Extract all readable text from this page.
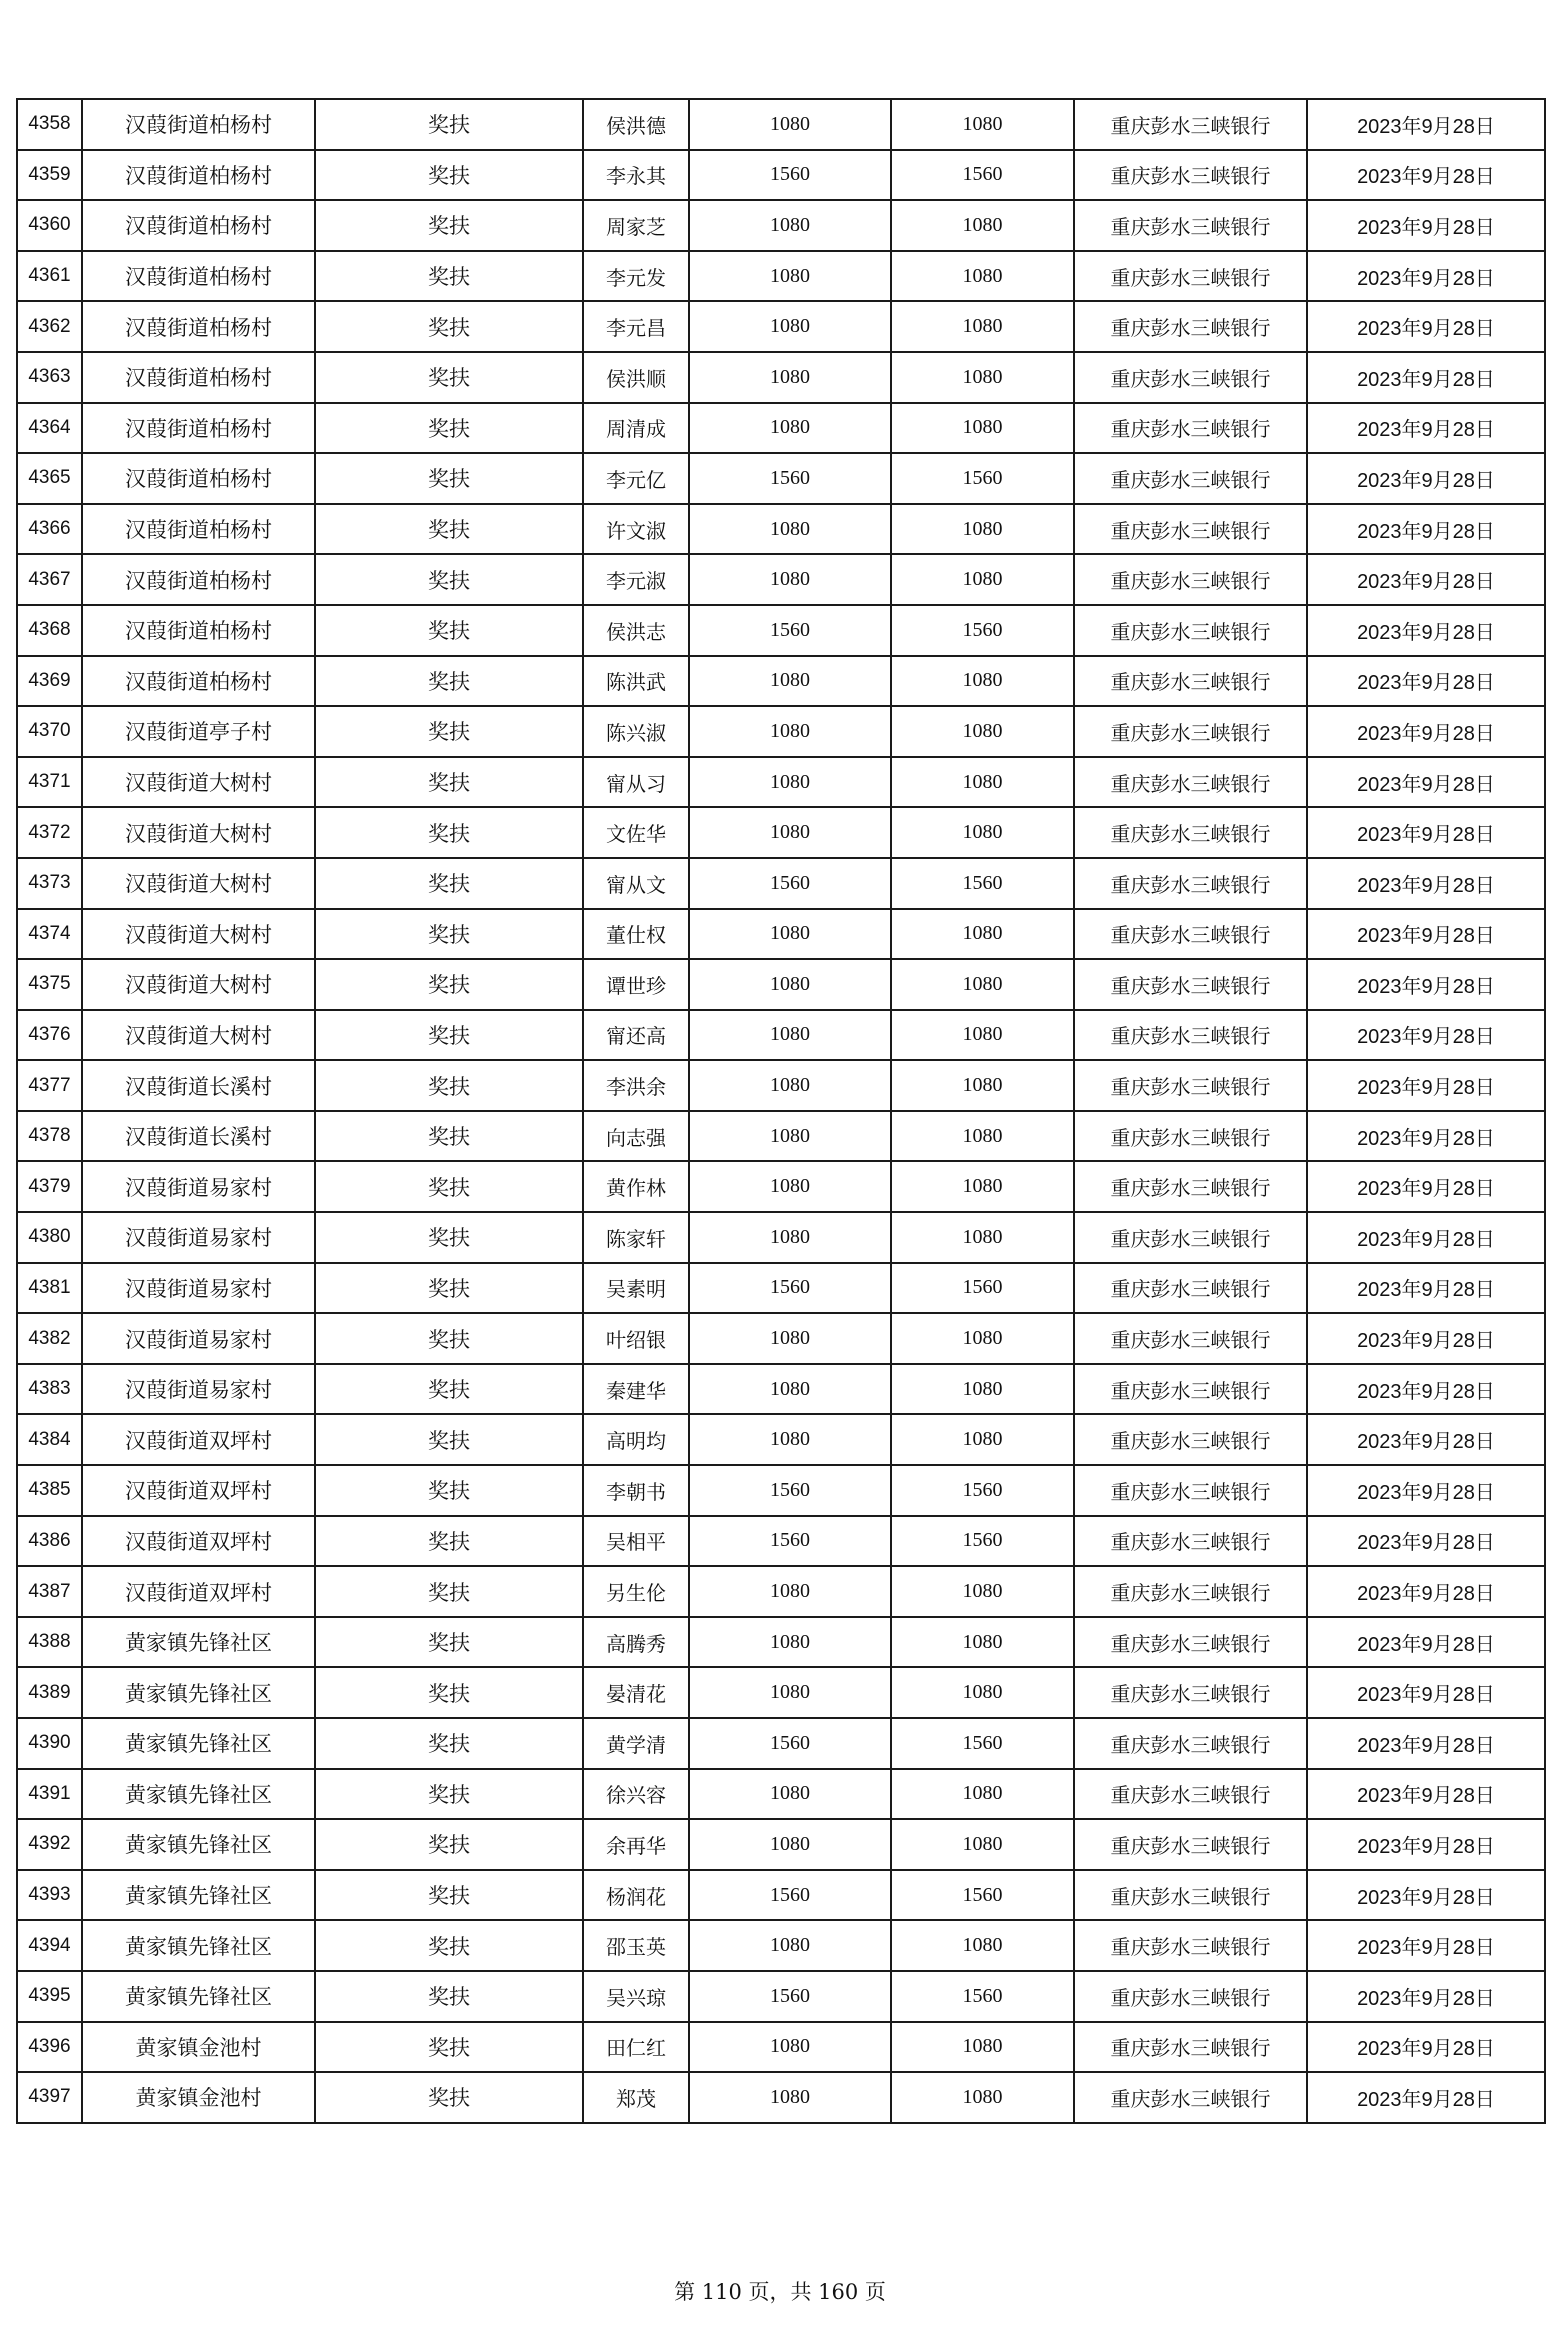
4358	汉葭街道柏杨村	奖扶	侯洪德	1080	1080	重庆彭水三峡银行	2023年9月28日
4359	汉葭街道柏杨村	奖扶	李永其	1560	1560	重庆彭水三峡银行	2023年9月28日
4360	汉葭街道柏杨村	奖扶	周家芝	1080	1080	重庆彭水三峡银行	2023年9月28日
4361	汉葭街道柏杨村	奖扶	李元发	1080	1080	重庆彭水三峡银行	2023年9月28日
4362	汉葭街道柏杨村	奖扶	李元昌	1080	1080	重庆彭水三峡银行	2023年9月28日
4363	汉葭街道柏杨村	奖扶	侯洪顺	1080	1080	重庆彭水三峡银行	2023年9月28日
4364	汉葭街道柏杨村	奖扶	周清成	1080	1080	重庆彭水三峡银行	2023年9月28日
4365	汉葭街道柏杨村	奖扶	李元亿	1560	1560	重庆彭水三峡银行	2023年9月28日
4366	汉葭街道柏杨村	奖扶	许文淑	1080	1080	重庆彭水三峡银行	2023年9月28日
4367	汉葭街道柏杨村	奖扶	李元淑	1080	1080	重庆彭水三峡银行	2023年9月28日
4368	汉葭街道柏杨村	奖扶	侯洪志	1560	1560	重庆彭水三峡银行	2023年9月28日
4369	汉葭街道柏杨村	奖扶	陈洪武	1080	1080	重庆彭水三峡银行	2023年9月28日
4370	汉葭街道亭子村	奖扶	陈兴淑	1080	1080	重庆彭水三峡银行	2023年9月28日
4371	汉葭街道大树村	奖扶	甯从习	1080	1080	重庆彭水三峡银行	2023年9月28日
4372	汉葭街道大树村	奖扶	文佐华	1080	1080	重庆彭水三峡银行	2023年9月28日
4373	汉葭街道大树村	奖扶	甯从文	1560	1560	重庆彭水三峡银行	2023年9月28日
4374	汉葭街道大树村	奖扶	董仕权	1080	1080	重庆彭水三峡银行	2023年9月28日
4375	汉葭街道大树村	奖扶	谭世珍	1080	1080	重庆彭水三峡银行	2023年9月28日
4376	汉葭街道大树村	奖扶	甯还高	1080	1080	重庆彭水三峡银行	2023年9月28日
4377	汉葭街道长溪村	奖扶	李洪余	1080	1080	重庆彭水三峡银行	2023年9月28日
4378	汉葭街道长溪村	奖扶	向志强	1080	1080	重庆彭水三峡银行	2023年9月28日
4379	汉葭街道易家村	奖扶	黄作林	1080	1080	重庆彭水三峡银行	2023年9月28日
4380	汉葭街道易家村	奖扶	陈家轩	1080	1080	重庆彭水三峡银行	2023年9月28日
4381	汉葭街道易家村	奖扶	吴素明	1560	1560	重庆彭水三峡银行	2023年9月28日
4382	汉葭街道易家村	奖扶	叶绍银	1080	1080	重庆彭水三峡银行	2023年9月28日
4383	汉葭街道易家村	奖扶	秦建华	1080	1080	重庆彭水三峡银行	2023年9月28日
4384	汉葭街道双坪村	奖扶	高明均	1080	1080	重庆彭水三峡银行	2023年9月28日
4385	汉葭街道双坪村	奖扶	李朝书	1560	1560	重庆彭水三峡银行	2023年9月28日
4386	汉葭街道双坪村	奖扶	吴相平	1560	1560	重庆彭水三峡银行	2023年9月28日
4387	汉葭街道双坪村	奖扶	另生伦	1080	1080	重庆彭水三峡银行	2023年9月28日
4388	黄家镇先锋社区	奖扶	高腾秀	1080	1080	重庆彭水三峡银行	2023年9月28日
4389	黄家镇先锋社区	奖扶	晏清花	1080	1080	重庆彭水三峡银行	2023年9月28日
4390	黄家镇先锋社区	奖扶	黄学清	1560	1560	重庆彭水三峡银行	2023年9月28日
4391	黄家镇先锋社区	奖扶	徐兴容	1080	1080	重庆彭水三峡银行	2023年9月28日
4392	黄家镇先锋社区	奖扶	余再华	1080	1080	重庆彭水三峡银行	2023年9月28日
4393	黄家镇先锋社区	奖扶	杨润花	1560	1560	重庆彭水三峡银行	2023年9月28日
4394	黄家镇先锋社区	奖扶	邵玉英	1080	1080	重庆彭水三峡银行	2023年9月28日
4395	黄家镇先锋社区	奖扶	吴兴琼	1560	1560	重庆彭水三峡银行	2023年9月28日
4396	黄家镇金池村	奖扶	田仁红	1080	1080	重庆彭水三峡银行	2023年9月28日
4397	黄家镇金池村	奖扶	郑茂	1080	1080	重庆彭水三峡银行	2023年9月28日
第 110 页，共 160 页
